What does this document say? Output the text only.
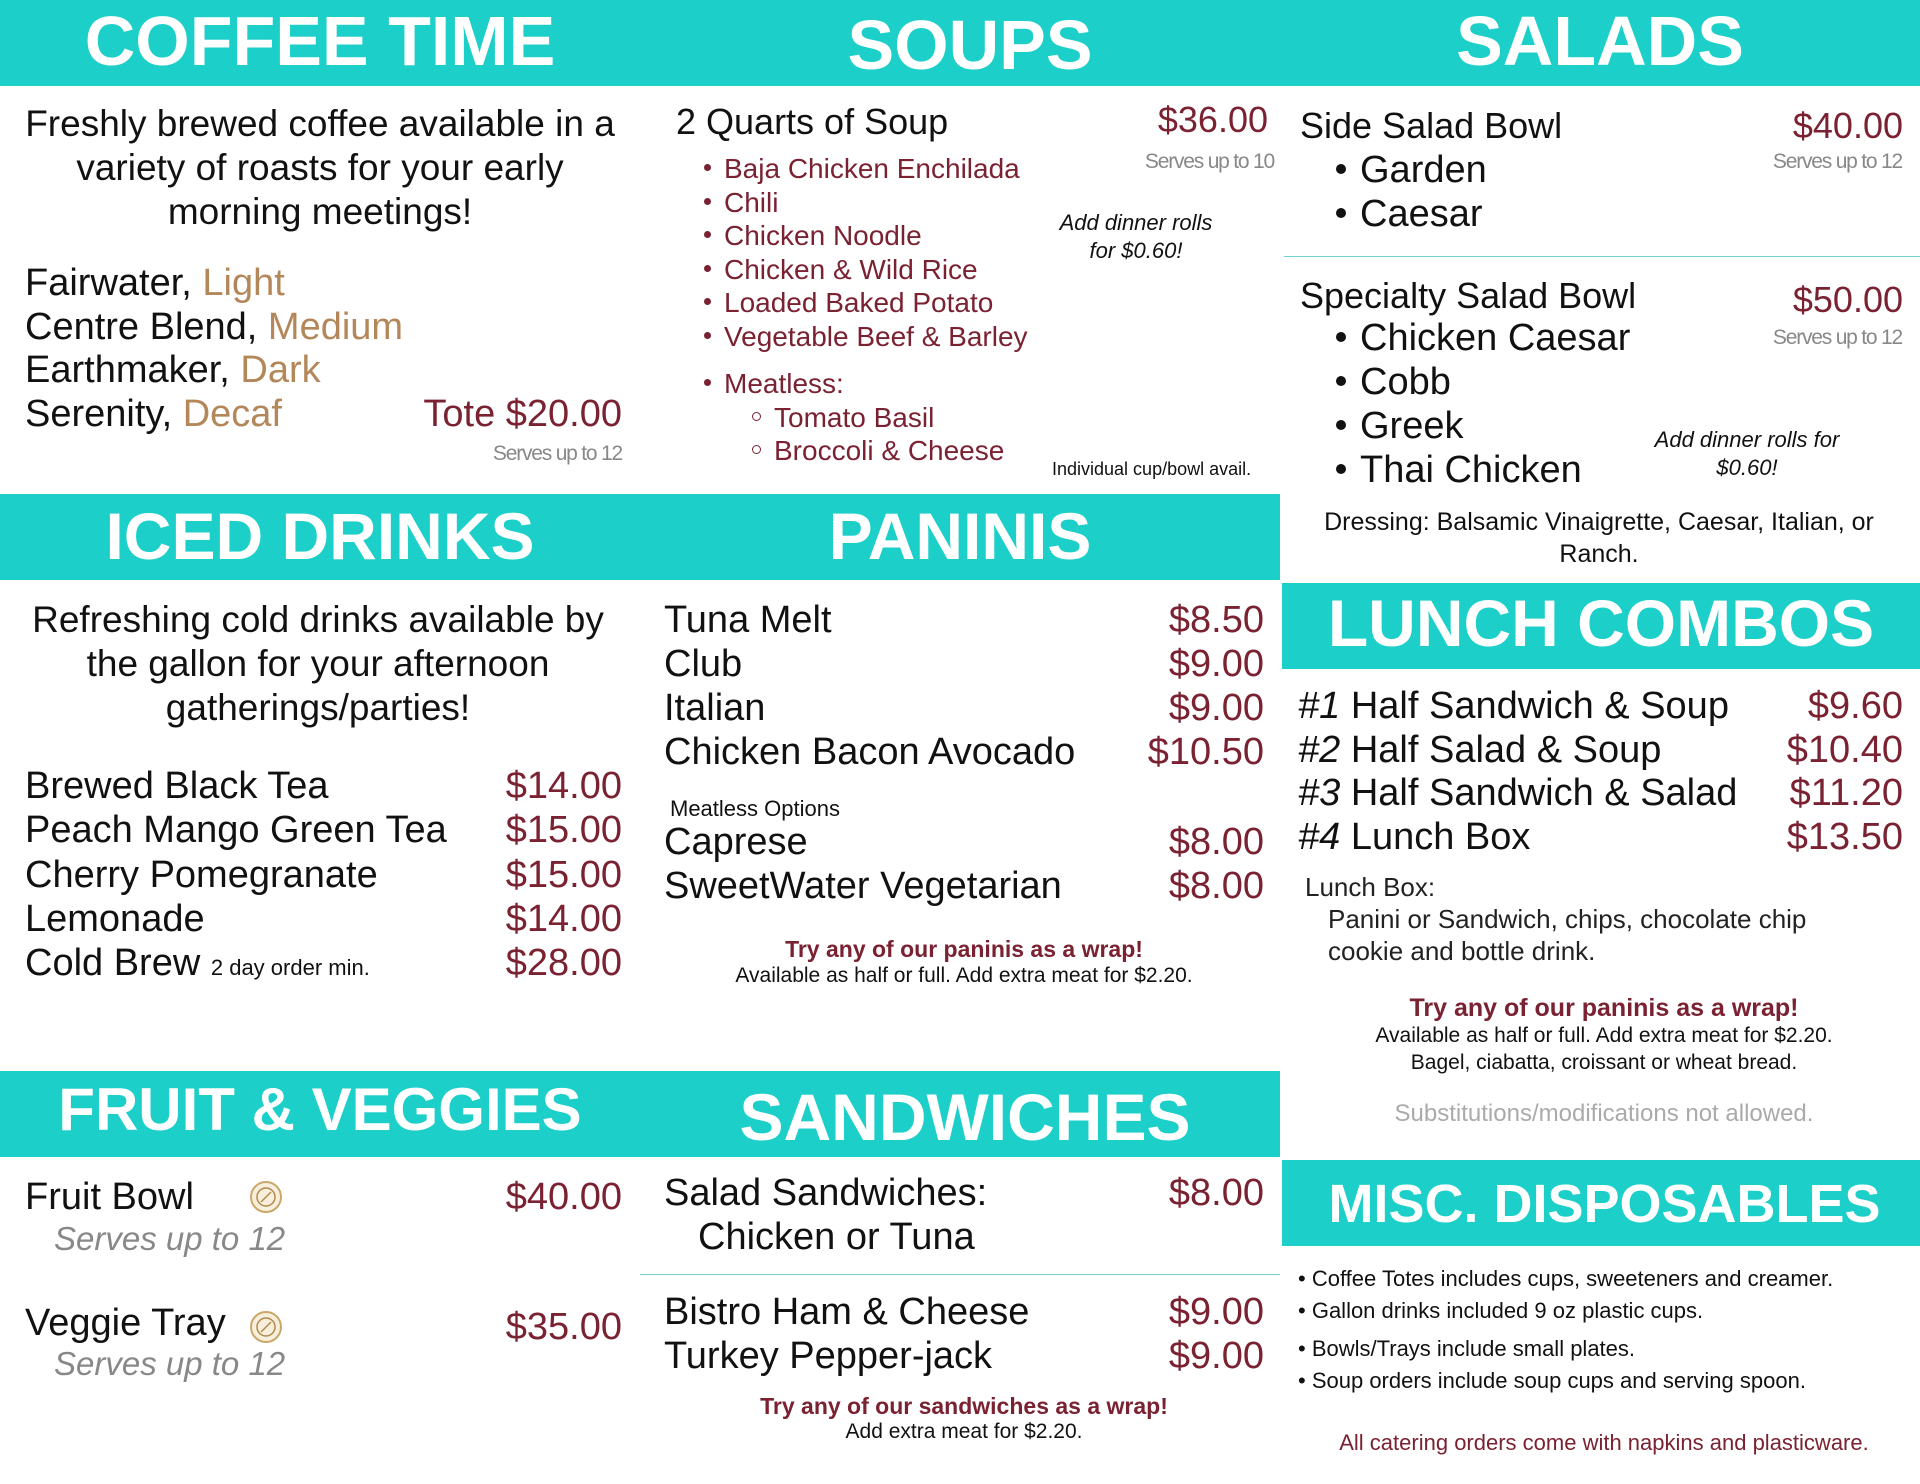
COFFEE TIME	SOUPS	SALADS
Freshly brewed coffee available in a variety of roasts for your early morning meetings!
Fairwater, Light
Centre Blend, Medium
Earthmaker, Dark
Serenity, Decaf	Tote $20.00
Serves up to 12
2 Quarts of Soup	$36.00
Serves up to 10
Baja Chicken Enchilada
Chili
Chicken Noodle
Chicken & Wild Rice
Loaded Baked Potato
Vegetable Beef & Barley
Meatless:
Tomato Basil
Broccoli & Cheese
Add dinner rolls for $0.60!
Individual cup/bowl avail.
Side Salad Bowl	$40.00
Serves up to 12
Garden
Caesar
Specialty Salad Bowl	$50.00
Serves up to 12
Chicken Caesar
Cobb
Greek
Thai Chicken
Add dinner rolls for $0.60!
Dressing: Balsamic Vinaigrette, Caesar, Italian, or Ranch.
ICED DRINKS	PANINIS
Refreshing cold drinks available by the gallon for your afternoon gatherings/parties!
Brewed Black Tea	$14.00
Peach Mango Green Tea $15.00
Cherry Pomegranate	$15.00
Lemonade	$14.00
Cold Brew 2 day order min.	$28.00
Tuna Melt	$8.50
Club	$9.00
Italian	$9.00
Chicken Bacon Avocado $10.50
Meatless Options
Caprese	$8.00
SweetWater Vegetarian	$8.00
Try any of our paninis as a wrap!
Available as half or full. Add extra meat for $2.20.
LUNCH COMBOS
#1 Half Sandwich & Soup $9.60
#2 Half Salad & Soup	$10.40
#3 Half Sandwich & Salad $11.20
#4 Lunch Box	$13.50
Lunch Box:
Panini or Sandwich, chips, chocolate chip cookie and bottle drink.
Try any of our paninis as a wrap!
Available as half or full. Add extra meat for $2.20.
Bagel, ciabatta, croissant or wheat bread.
Substitutions/modifications not allowed.
FRUIT & VEGGIES	SANDWICHES
Fruit Bowl	$40.00
Serves up to 12
Veggie Tray	$35.00
Serves up to 12
Salad Sandwiches:
Chicken or Tuna
$8.00
Bistro Ham & Cheese	$9.00
Turkey Pepper-jack	$9.00
Try any of our sandwiches as a wrap!
Add extra meat for $2.20.
MISC. DISPOSABLES
• Coffee Totes includes cups, sweeteners and creamer.
• Gallon drinks included 9 oz plastic cups.
• Bowls/Trays include small plates.
• Soup orders include soup cups and serving spoon.
All catering orders come with napkins and plasticware.
